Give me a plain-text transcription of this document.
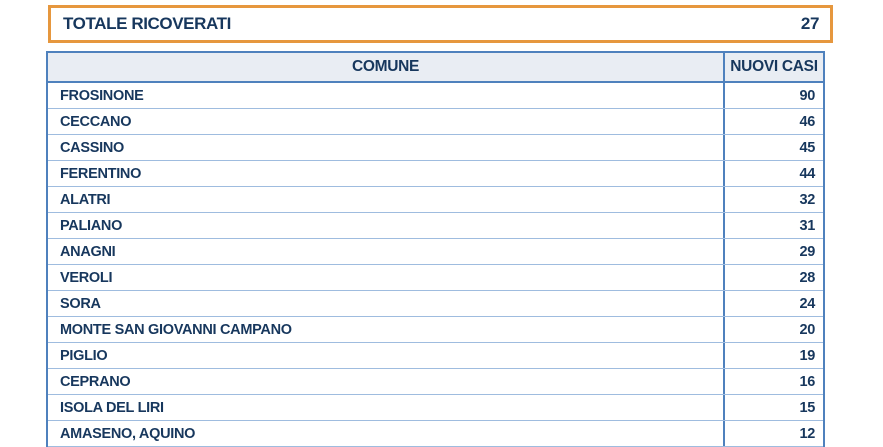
TOTALE RICOVERATI	27
COMUNE	NUOVI CASI
FROSINONE	90
CECCANO	46
CASSINO	45
FERENTINO	44
ALATRI	32
PALIANO	31
ANAGNI	29
VEROLI	28
SORA	24
MONTE SAN GIOVANNI CAMPANO	20
PIGLIO	19
CEPRANO	16
ISOLA DEL LIRI	15
AMASENO, AQUINO	12
